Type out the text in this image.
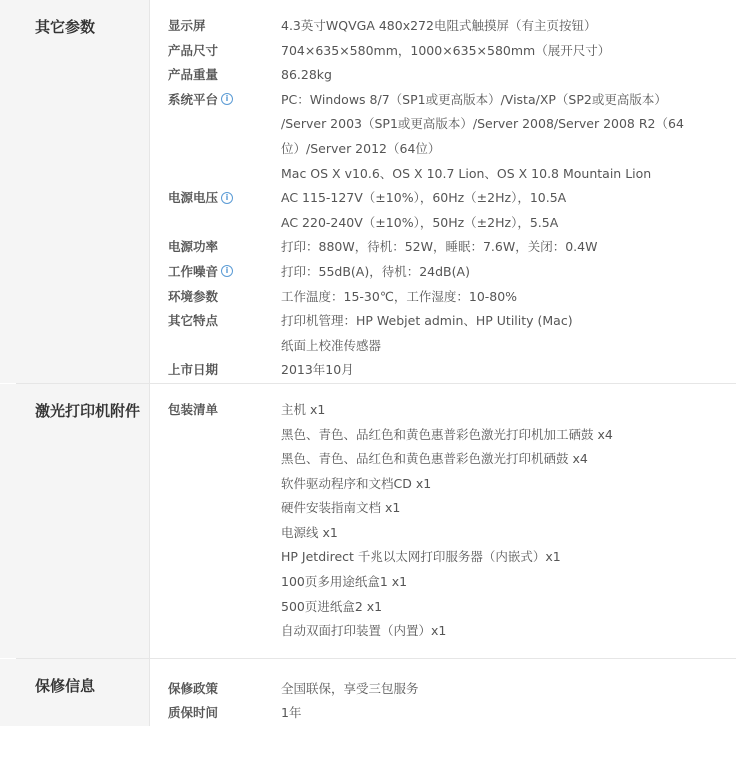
其它参数	显示屏	4.3英寸WQVGA 480x272电阻式触摸屏（有主页按钮）
产品尺寸	704×635×580mm，1000×635×580mm（展开尺寸）
产品重量	86.28kg
系统平台 i	PC：Windows 8/7（SP1或更高版本）/Vista/XP（SP2或更高版本）
/Server 2003（SP1或更高版本）/Server 2008/Server 2008 R2（64
位）/Server 2012（64位）
Mac OS X v10.6、OS X 10.7 Lion、OS X 10.8 Mountain Lion
电源电压 i	AC 115-127V（±10%），60Hz（±2Hz），10.5A
AC 220-240V（±10%），50Hz（±2Hz），5.5A
电源功率	打印：880W，待机：52W，睡眠：7.6W，关闭：0.4W
工作噪音 i	打印：55dB(A)，待机：24dB(A)
环境参数	工作温度：15-30℃，工作湿度：10-80%
其它特点	打印机管理：HP Webjet admin、HP Utility (Mac)
纸面上校准传感器
上市日期	2013年10月
激光打印机附件	包装清单	主机 x1
黑色、青色、品红色和黄色惠普彩色激光打印机加工硒鼓 x4
黑色、青色、品红色和黄色惠普彩色激光打印机硒鼓 x4
软件驱动程序和文档CD x1
硬件安装指南文档 x1
电源线 x1
HP Jetdirect 千兆以太网打印服务器（内嵌式）x1
100页多用途纸盒1 x1
500页进纸盒2 x1
自动双面打印装置（内置）x1
保修信息	保修政策	全国联保，享受三包服务
质保时间	1年
